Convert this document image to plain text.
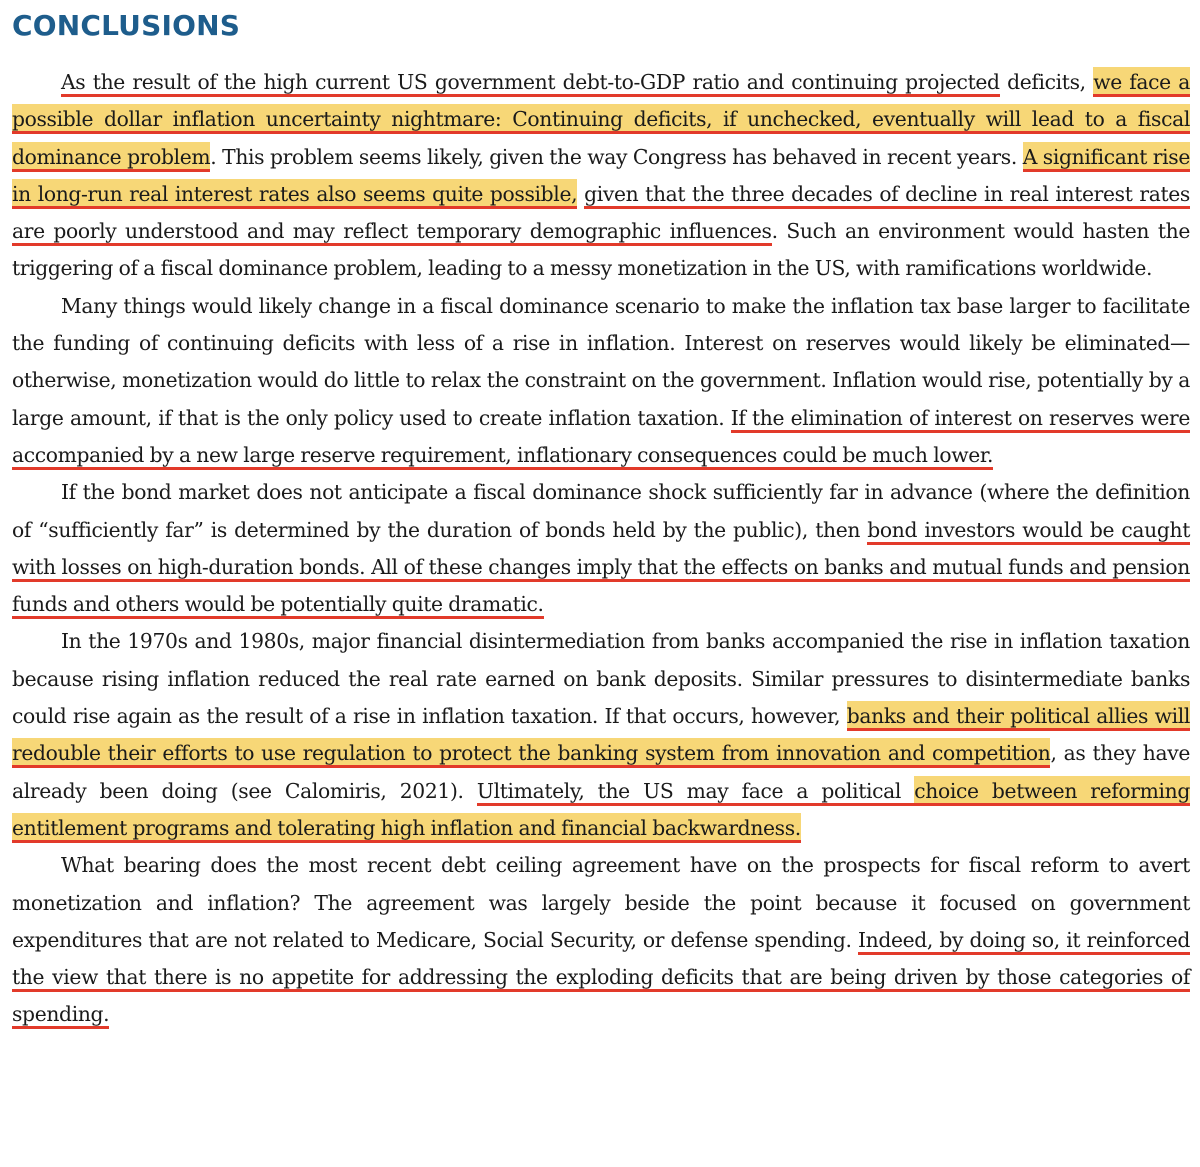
CONCLUSIONS

As the result of the high current US government debt-to-GDP ratio and continuing projected deficits, we face a possible dollar inflation uncertainty nightmare: Continuing deficits, if unchecked, eventually will lead to a fiscal dominance problem. This problem seems likely, given the way Congress has behaved in recent years. A significant rise in long-run real interest rates also seems quite possible, given that the three decades of decline in real interest rates are poorly understood and may reflect temporary demographic influences. Such an environment would hasten the triggering of a fiscal dominance problem, leading to a messy monetization in the US, with ramifications worldwide.

Many things would likely change in a fiscal dominance scenario to make the inflation tax base larger to facilitate the funding of continuing deficits with less of a rise in inflation. Interest on reserves would likely be eliminated—otherwise, monetization would do little to relax the constraint on the government. Inflation would rise, potentially by a large amount, if that is the only policy used to create inflation taxation. If the elimination of interest on reserves were accompanied by a new large reserve requirement, inflationary consequences could be much lower.

If the bond market does not anticipate a fiscal dominance shock sufficiently far in advance (where the definition of “sufficiently far” is determined by the duration of bonds held by the public), then bond investors would be caught with losses on high-duration bonds. All of these changes imply that the effects on banks and mutual funds and pension funds and others would be potentially quite dramatic.

In the 1970s and 1980s, major financial disintermediation from banks accompanied the rise in inflation taxation because rising inflation reduced the real rate earned on bank deposits. Similar pressures to disintermediate banks could rise again as the result of a rise in inflation taxation. If that occurs, however, banks and their political allies will redouble their efforts to use regulation to protect the banking system from innovation and competition, as they have already been doing (see Calomiris, 2021). Ultimately, the US may face a political choice between reforming entitlement programs and tolerating high inflation and financial backwardness.

What bearing does the most recent debt ceiling agreement have on the prospects for fiscal reform to avert monetization and inflation? The agreement was largely beside the point because it focused on government expenditures that are not related to Medicare, Social Security, or defense spending. Indeed, by doing so, it reinforced the view that there is no appetite for addressing the exploding deficits that are being driven by those categories of spending.
